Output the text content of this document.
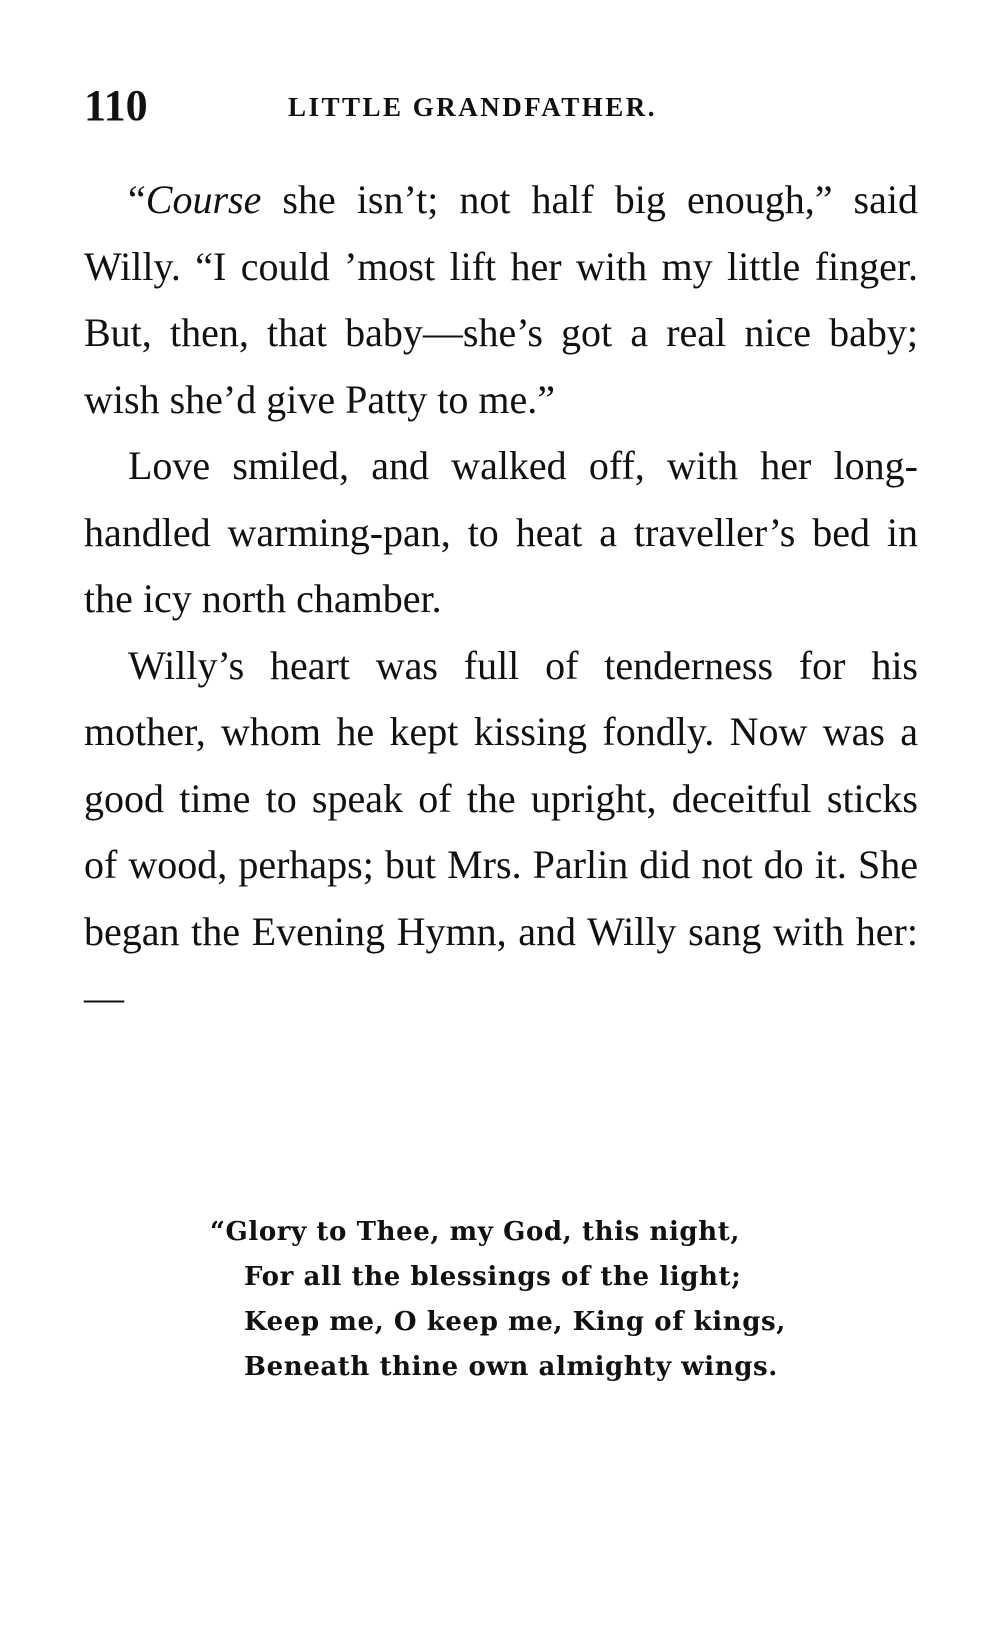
110	LITTLE GRANDFATHER.

“Course she isn’t; not half big enough,” said Willy. “I could ’most lift her with my little finger. But, then, that baby—she’s got a real nice baby; wish she’d give Patty to me.”

Love smiled, and walked off, with her long-handled warming-pan, to heat a traveller’s bed in the icy north chamber.

Willy’s heart was full of tenderness for his mother, whom he kept kissing fondly. Now was a good time to speak of the upright, deceitful sticks of wood, perhaps; but Mrs. Parlin did not do it. She began the Evening Hymn, and Willy sang with her:—

“Glory to Thee, my God, this night,
For all the blessings of the light;
Keep me, O keep me, King of kings,
Beneath thine own almighty wings.
